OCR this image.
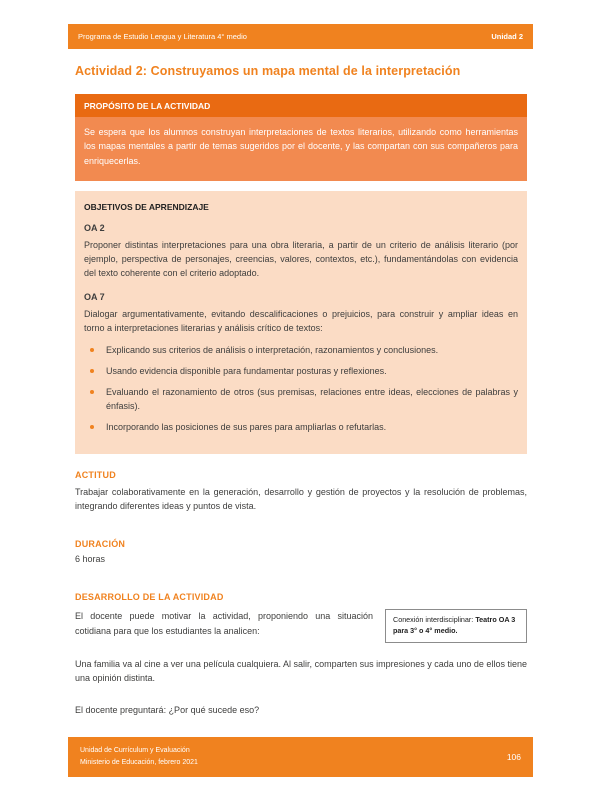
Programa de Estudio Lengua y Literatura 4° medio	Unidad 2
Actividad 2: Construyamos un mapa mental de la interpretación
PROPÓSITO DE LA ACTIVIDAD
Se espera que los alumnos construyan interpretaciones de textos literarios, utilizando como herramientas los mapas mentales a partir de temas sugeridos por el docente, y las compartan con sus compañeros para enriquecerlas.
OBJETIVOS DE APRENDIZAJE
OA 2

Proponer distintas interpretaciones para una obra literaria, a partir de un criterio de análisis literario (por ejemplo, perspectiva de personajes, creencias, valores, contextos, etc.), fundamentándolas con evidencia del texto coherente con el criterio adoptado.

OA 7

Dialogar argumentativamente, evitando descalificaciones o prejuicios, para construir y ampliar ideas en torno a interpretaciones literarias y análisis crítico de textos:

Explicando sus criterios de análisis o interpretación, razonamientos y conclusiones.
Usando evidencia disponible para fundamentar posturas y reflexiones.
Evaluando el razonamiento de otros (sus premisas, relaciones entre ideas, elecciones de palabras y énfasis).
Incorporando las posiciones de sus pares para ampliarlas o refutarlas.
ACTITUD

Trabajar colaborativamente en la generación, desarrollo y gestión de proyectos y la resolución de problemas, integrando diferentes ideas y puntos de vista.

DURACIÓN

6 horas

DESARROLLO DE LA ACTIVIDAD

El docente puede motivar la actividad, proponiendo una situación cotidiana para que los estudiantes la analicen:

Conexión interdisciplinar: Teatro OA 3 para 3° o 4° medio.

Una familia va al cine a ver una película cualquiera. Al salir, comparten sus impresiones y cada uno de ellos tiene una opinión distinta.

El docente preguntará: ¿Por qué sucede eso?

Unidad de Currículum y Evaluación
Ministerio de Educación, febrero 2021
106
